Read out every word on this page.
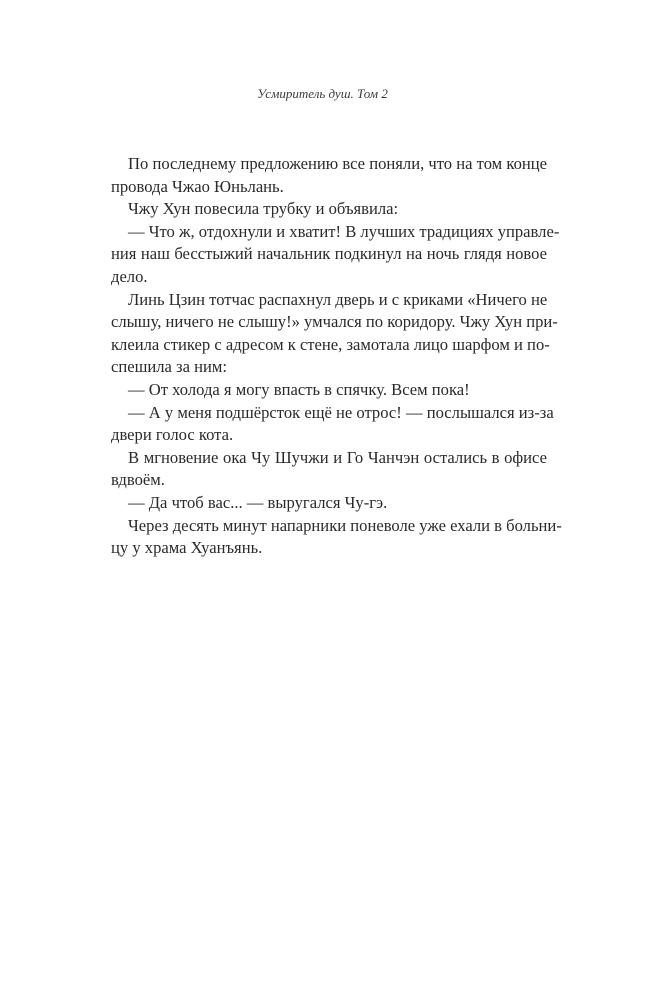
Усмиритель душ. Том 2
По последнему предложению все поняли, что на том конце
провода Чжао Юньлань.
Чжу Хун повесила трубку и объявила:
— Что ж, отдохнули и хватит! В лучших традициях управле-
ния наш бесстыжий начальник подкинул на ночь глядя новое
дело.
Линь Цзин тотчас распахнул дверь и с криками «Ничего не
слышу, ничего не слышу!» умчался по коридору. Чжу Хун при-
клеила стикер с адресом к стене, замотала лицо шарфом и по-
спешила за ним:
— От холода я могу впасть в спячку. Всем пока!
— А у меня подшёрсток ещё не отрос! — послышался из-за
двери голос кота.
В мгновение ока Чу Шучжи и Го Чанчэн остались в офисе
вдвоём.
— Да чтоб вас... — выругался Чу-гэ.
Через десять минут напарники поневоле уже ехали в больни-
цу у храма Хуанъянь.
